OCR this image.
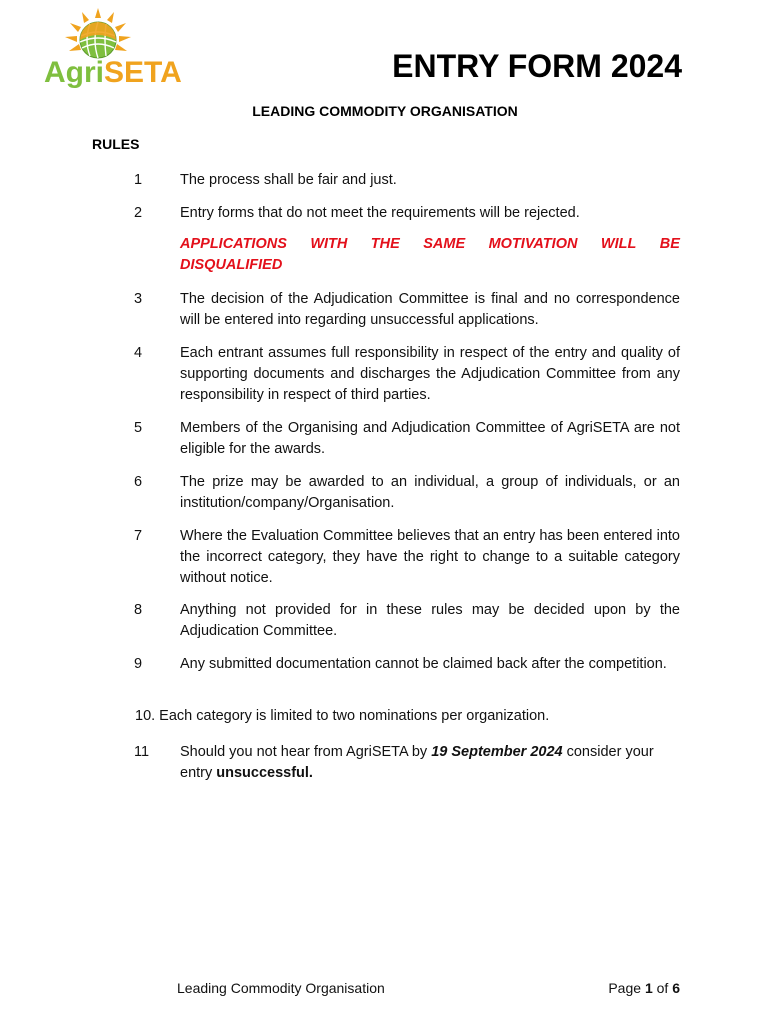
AgriSETA	ENTRY FORM 2024
LEADING COMMODITY ORGANISATION
RULES
1	The process shall be fair and just.
2	Entry forms that do not meet the requirements will be rejected.
APPLICATIONS WITH THE SAME MOTIVATION WILL BE
DISQUALIFIED
3	The decision of the Adjudication Committee is final and no correspondence will be entered into regarding unsuccessful applications.
4	Each entrant assumes full responsibility in respect of the entry and quality of supporting documents and discharges the Adjudication Committee from any responsibility in respect of third parties.
5	Members of the Organising and Adjudication Committee of AgriSETA are not eligible for the awards.
6	The prize may be awarded to an individual, a group of individuals, or an institution/company/Organisation.
7	Where the Evaluation Committee believes that an entry has been entered into the incorrect category, they have the right to change to a suitable category without notice.
8	Anything not provided for in these rules may be decided upon by the Adjudication Committee.
9	Any submitted documentation cannot be claimed back after the competition.
10. Each category is limited to two nominations per organization.
11 Should you not hear from AgriSETA by 19 September 2024 consider your entry unsuccessful.
Leading Commodity Organisation	Page 1 of 6
